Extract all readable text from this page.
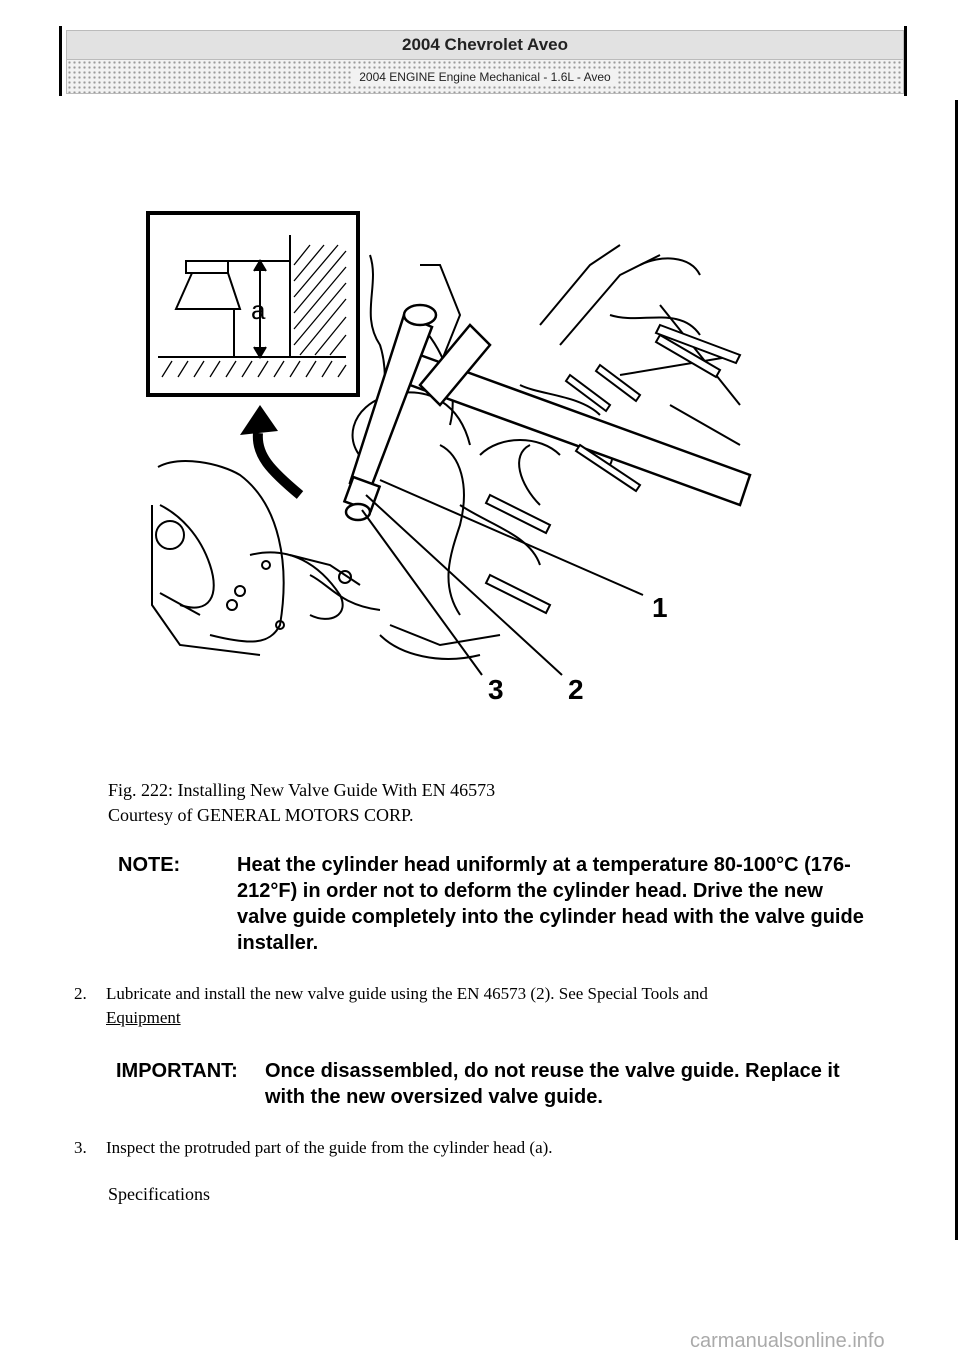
2004 Chevrolet Aveo
2004 ENGINE Engine Mechanical - 1.6L - Aveo
a
1
3 2
Fig. 222: Installing New Valve Guide With EN 46573
Courtesy of GENERAL MOTORS CORP.
NOTE:	Heat the cylinder head uniformly at a temperature 80-100°C (176-212°F) in order not to deform the cylinder head. Drive the new valve guide completely into the cylinder head with the valve guide installer.
2. Lubricate and install the new valve guide using the EN 46573 (2). See Special Tools and
Equipment
IMPORTANT: Once disassembled, do not reuse the valve guide. Replace it with the new oversized valve guide.
3. Inspect the protruded part of the guide from the cylinder head (a).
Specifications
carmanualsonline.info
